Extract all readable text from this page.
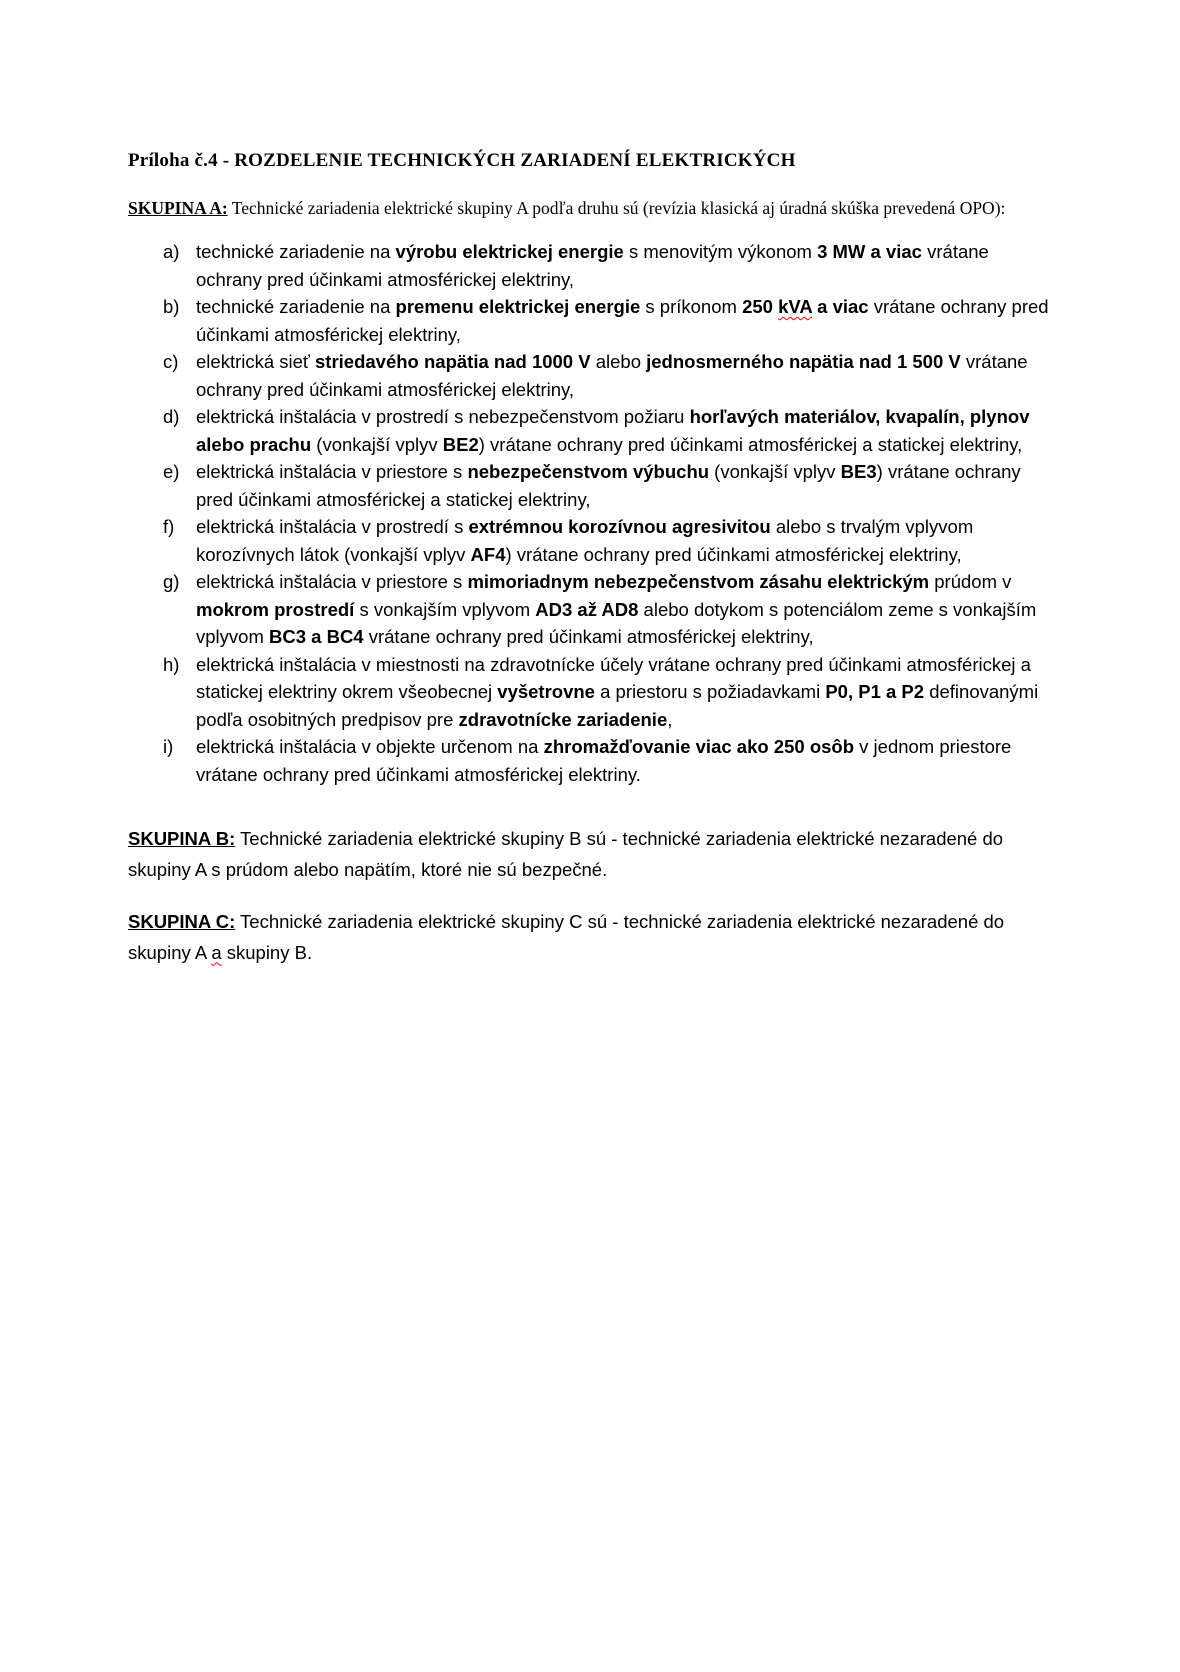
Príloha č.4 - ROZDELENIE TECHNICKÝCH ZARIADENÍ ELEKTRICKÝCH

SKUPINA A: Technické zariadenia elektrické skupiny A podľa druhu sú (revízia klasická aj úradná skúška prevedená OPO):

a) technické zariadenie na výrobu elektrickej energie s menovitým výkonom 3 MW a viac vrátane ochrany pred účinkami atmosférickej elektriny,
b) technické zariadenie na premenu elektrickej energie s príkonom 250 kVA a viac vrátane ochrany pred účinkami atmosférickej elektriny,
c) elektrická sieť striedavého napätia nad 1000 V alebo jednosmerného napätia nad 1 500 V vrátane ochrany pred účinkami atmosférickej elektriny,
d) elektrická inštalácia v prostredí s nebezpečenstvom požiaru horľavých materiálov, kvapalín, plynov alebo prachu (vonkajší vplyv BE2) vrátane ochrany pred účinkami atmosférickej a statickej elektriny,
e) elektrická inštalácia v priestore s nebezpečenstvom výbuchu (vonkajší vplyv BE3) vrátane ochrany pred účinkami atmosférickej a statickej elektriny,
f)	elektrická inštalácia v prostredí s extrémnou korozívnou agresivitou alebo s trvalým vplyvom korozívnych látok (vonkajší vplyv AF4) vrátane ochrany pred účinkami atmosférickej elektriny,
g) elektrická inštalácia v priestore s mimoriadnym nebezpečenstvom zásahu elektrickým prúdom v mokrom prostredí s vonkajším vplyvom AD3 až AD8 alebo dotykom s potenciálom zeme s vonkajším vplyvom BC3 a BC4 vrátane ochrany pred účinkami atmosférickej elektriny,
h) elektrická inštalácia v miestnosti na zdravotnícke účely vrátane ochrany pred účinkami atmosférickej a statickej elektriny okrem všeobecnej vyšetrovne a priestoru s požiadavkami P0, P1 a P2 definovanými podľa osobitných predpisov pre zdravotnícke zariadenie,
i)	elektrická inštalácia v objekte určenom na zhromažďovanie viac ako 250 osôb v jednom priestore vrátane ochrany pred účinkami atmosférickej elektriny.

SKUPINA B: Technické zariadenia elektrické skupiny B sú - technické zariadenia elektrické nezaradené do skupiny A s prúdom alebo napätím, ktoré nie sú bezpečné.

SKUPINA C: Technické zariadenia elektrické skupiny C sú - technické zariadenia elektrické nezaradené do skupiny A a skupiny B.
